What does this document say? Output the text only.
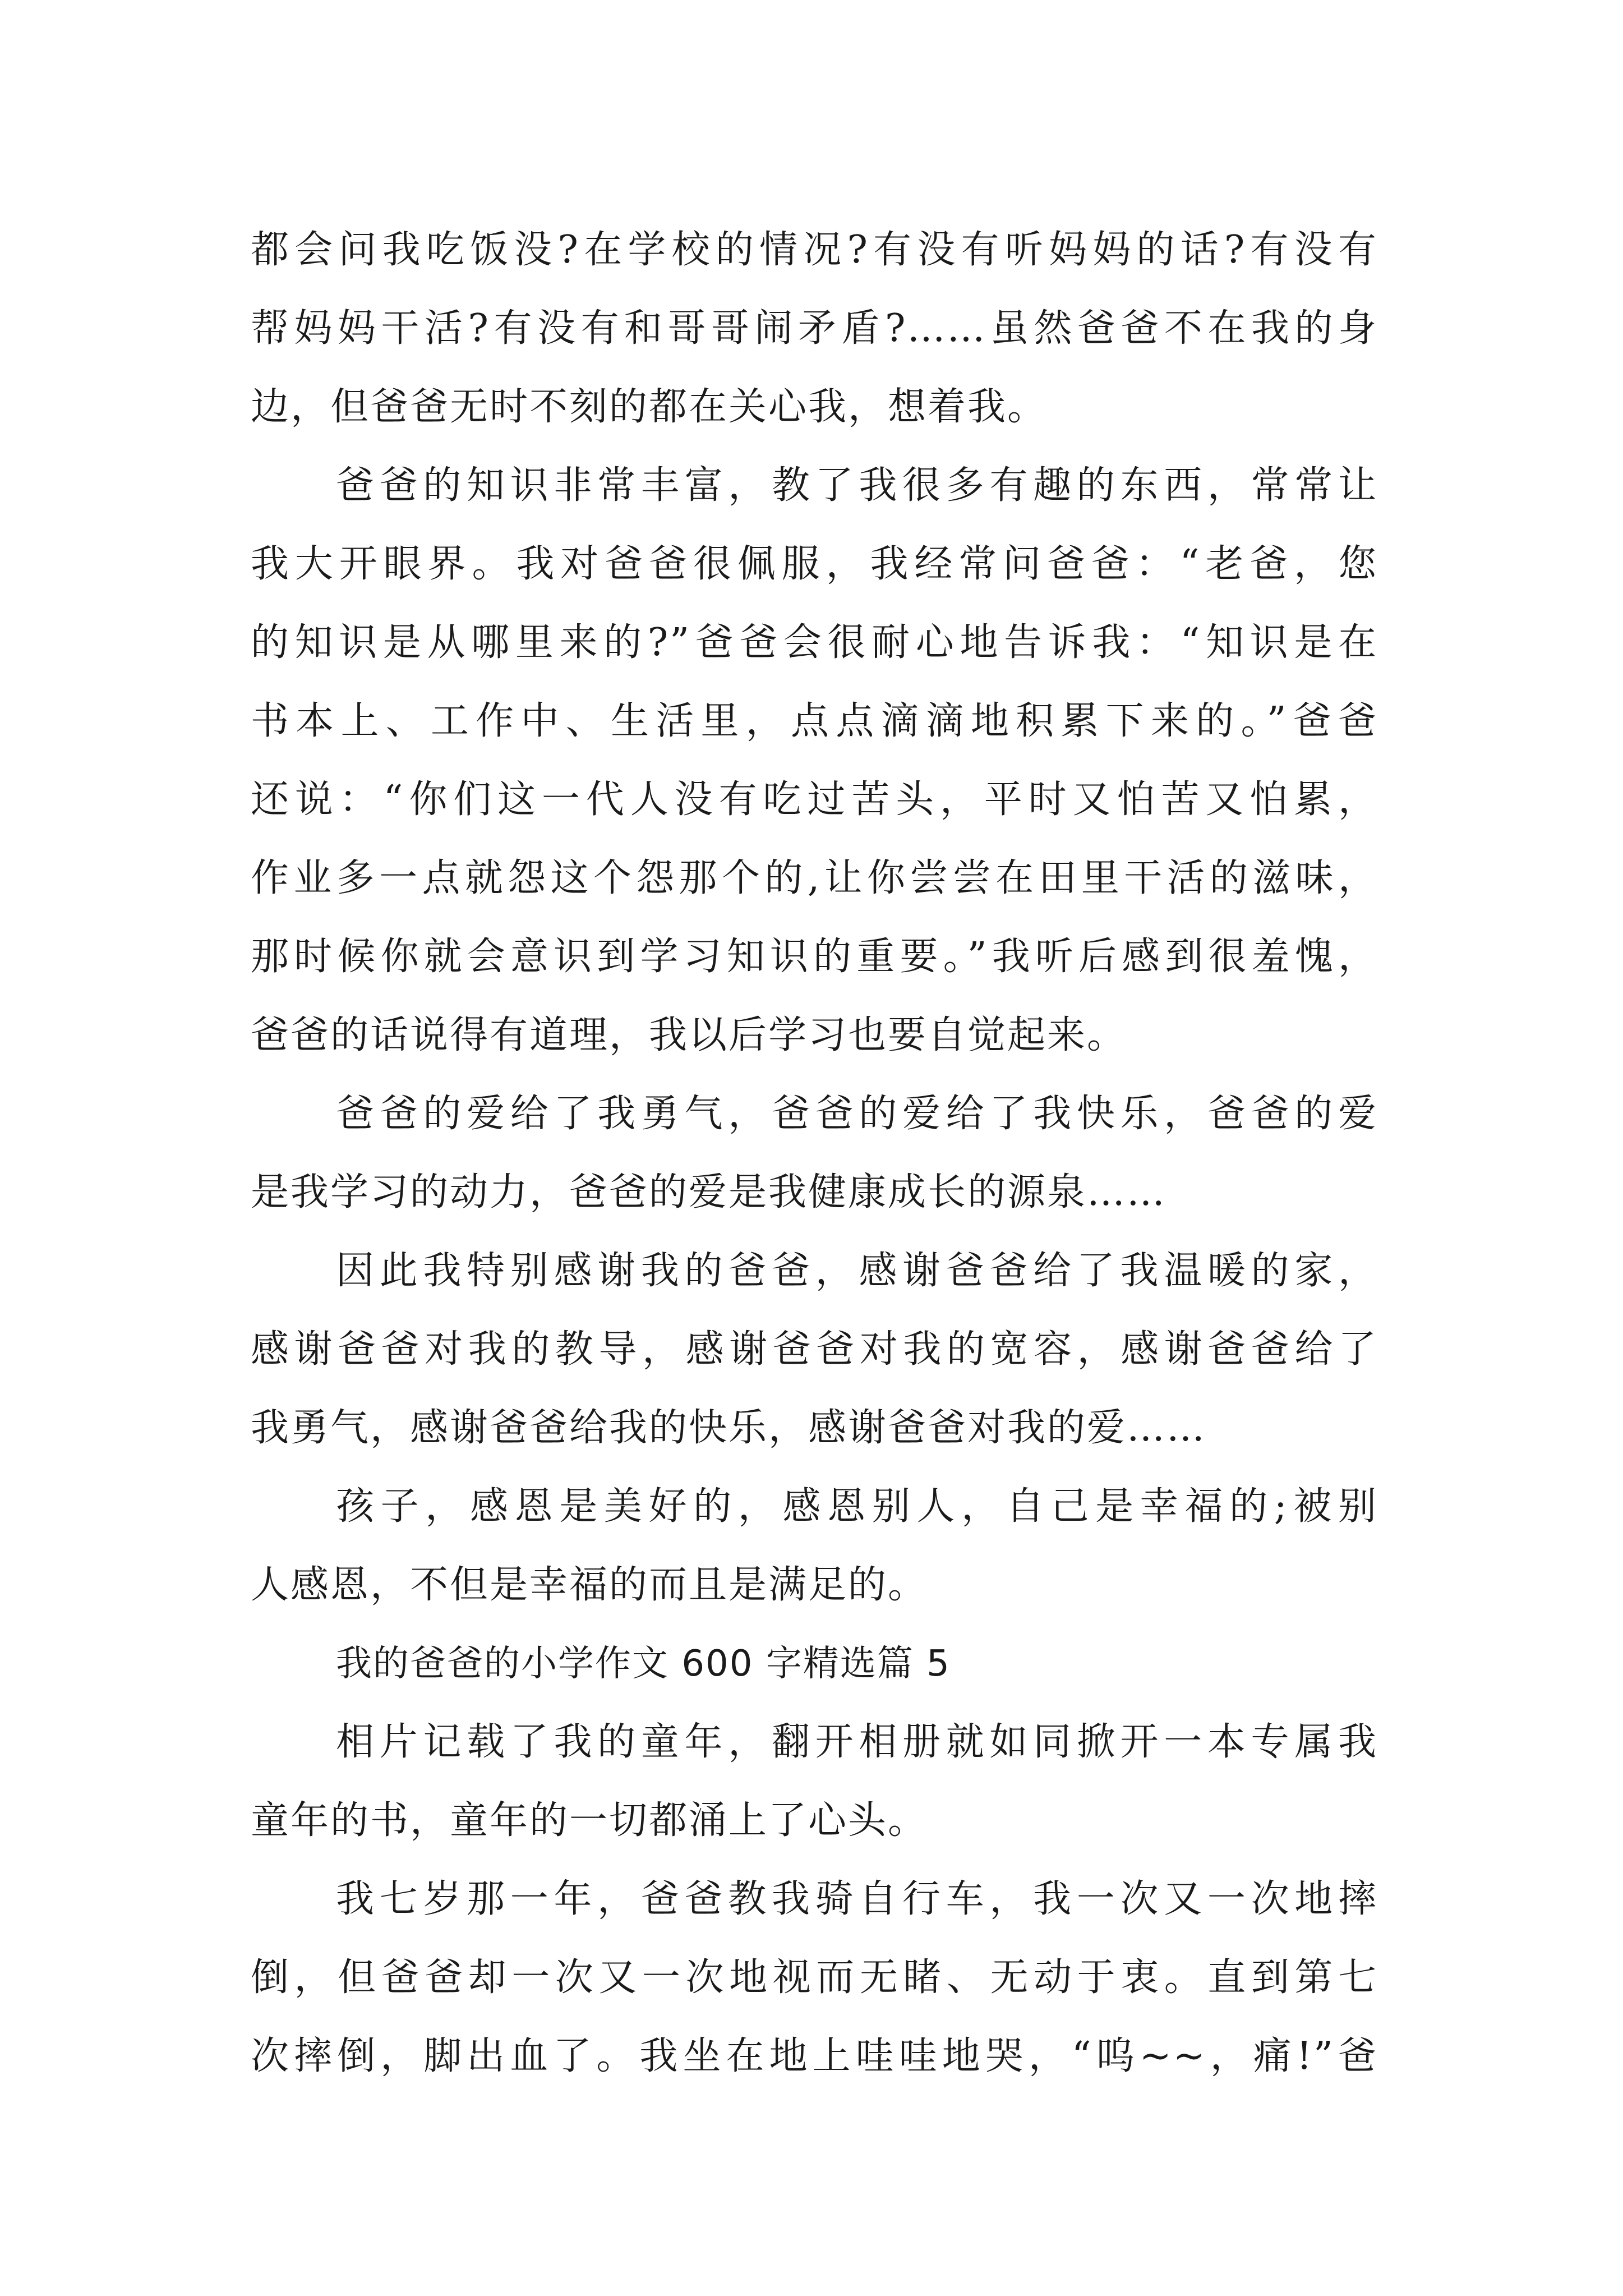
都会问我吃饭没?在学校的情况?有没有听妈妈的话?有没有
帮妈妈干活?有没有和哥哥闹矛盾?……虽然爸爸不在我的身
边，但爸爸无时不刻的都在关心我，想着我。
爸爸的知识非常丰富，教了我很多有趣的东西，常常让
我大开眼界。我对爸爸很佩服，我经常问爸爸：“老爸，您
的知识是从哪里来的?”爸爸会很耐心地告诉我：“知识是在
书本上、工作中、生活里，点点滴滴地积累下来的。”爸爸
还说：“你们这一代人没有吃过苦头，平时又怕苦又怕累，
作业多一点就怨这个怨那个的,让你尝尝在田里干活的滋味，
那时候你就会意识到学习知识的重要。”我听后感到很羞愧，
爸爸的话说得有道理，我以后学习也要自觉起来。
爸爸的爱给了我勇气，爸爸的爱给了我快乐，爸爸的爱
是我学习的动力，爸爸的爱是我健康成长的源泉……
因此我特别感谢我的爸爸，感谢爸爸给了我温暖的家，
感谢爸爸对我的教导，感谢爸爸对我的宽容，感谢爸爸给了
我勇气，感谢爸爸给我的快乐，感谢爸爸对我的爱……
孩子，感恩是美好的，感恩别人，自己是幸福的;被别
人感恩，不但是幸福的而且是满足的。
我的爸爸的小学作文 600 字精选篇 5
相片记载了我的童年，翻开相册就如同掀开一本专属我
童年的书，童年的一切都涌上了心头。
我七岁那一年，爸爸教我骑自行车，我一次又一次地摔
倒，但爸爸却一次又一次地视而无睹、无动于衷。直到第七
次摔倒，脚出血了。我坐在地上哇哇地哭，“呜~~，痛!”爸
